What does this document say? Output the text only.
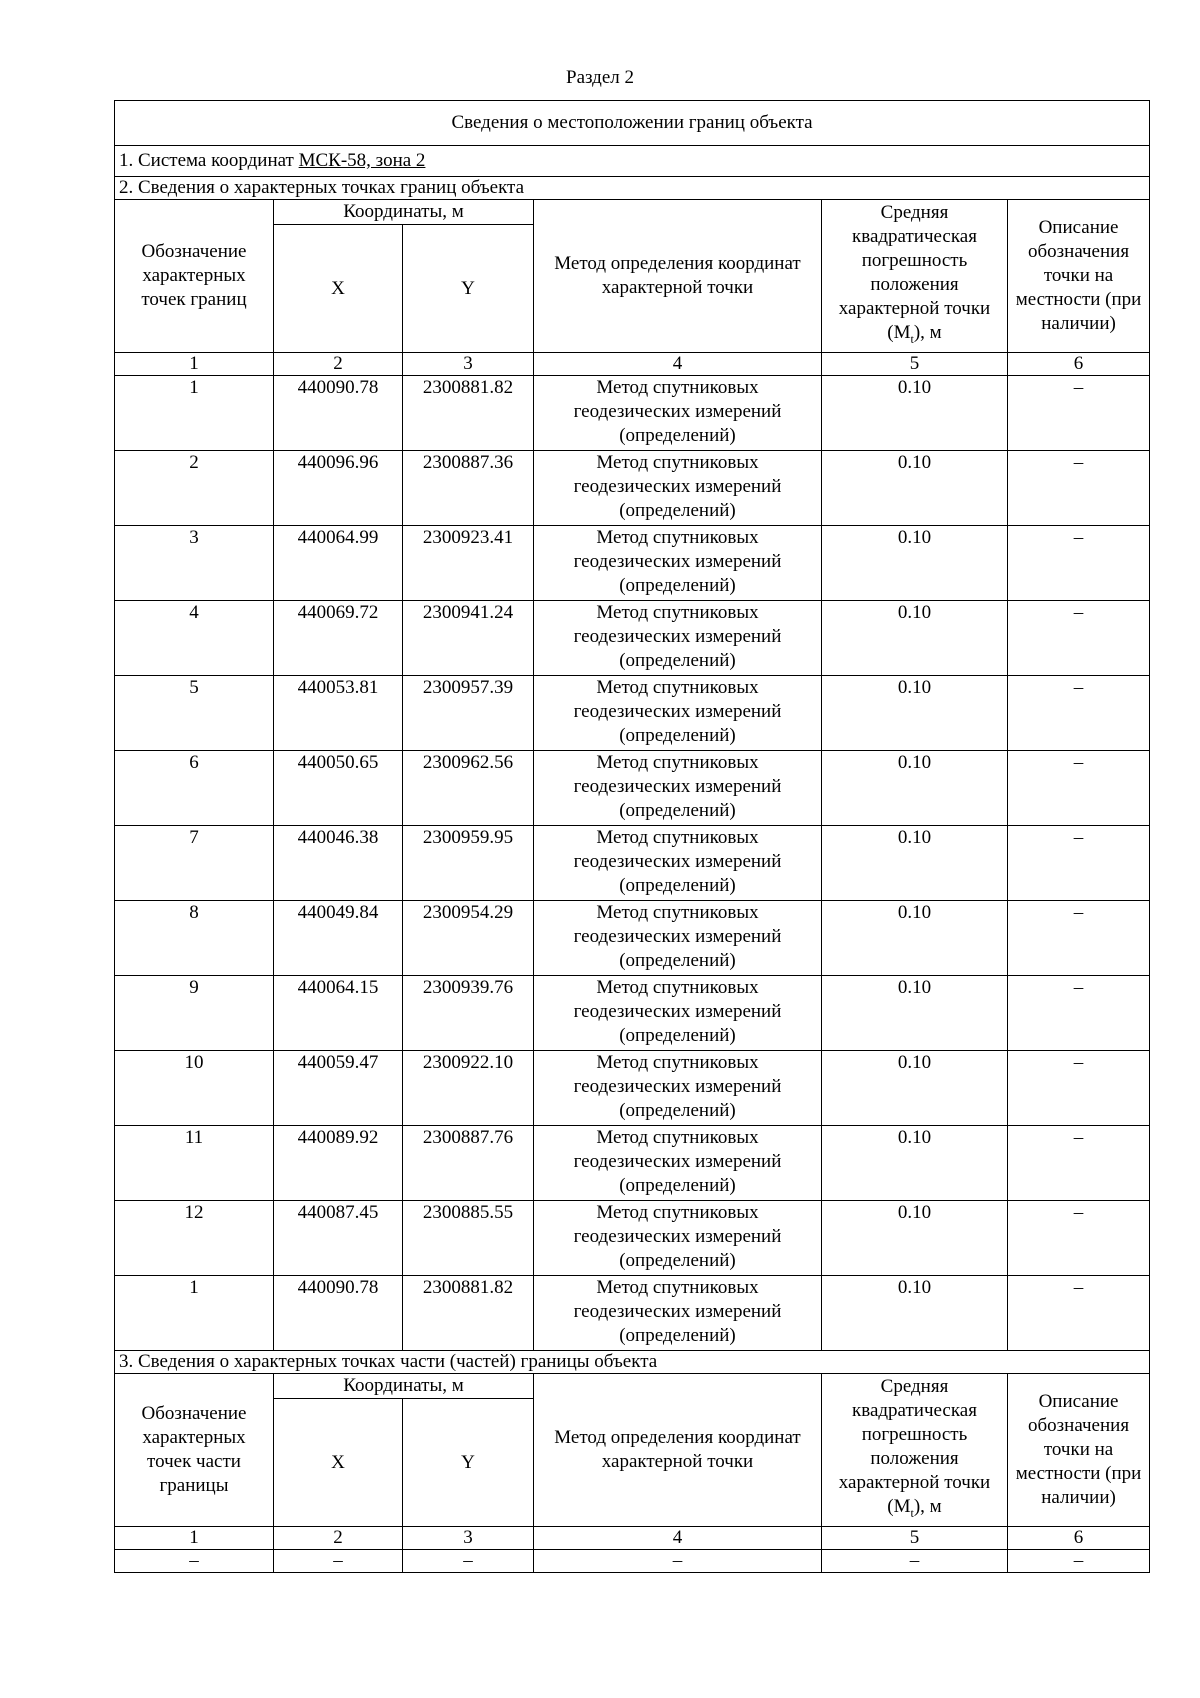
Раздел 2
Сведения о местоположении границ объекта					
1. Система координат МСК-58, зона 2					
2. Сведения о характерных точках границ объекта					
Обозначение характерных точек границ	Координаты, м		Метод определения координат характерной точки	Средняя квадратическая погрешность положения характерной точки $(M_t)$, м	Описание обозначения точки на местности (при наличии)
	X	Y			
1	2	3	4	5	6
1	440090.78	2300881.82	Метод спутниковых геодезических измерений (определений)	0.10	–
2	440096.96	2300887.36	Метод спутниковых геодезических измерений (определений)	0.10	–
3	440064.99	2300923.41	Метод спутниковых геодезических измерений (определений)	0.10	–
4	440069.72	2300941.24	Метод спутниковых геодезических измерений (определений)	0.10	–
5	440053.81	2300957.39	Метод спутниковых геодезических измерений (определений)	0.10	–
6	440050.65	2300962.56	Метод спутниковых геодезических измерений (определений)	0.10	–
7	440046.38	2300959.95	Метод спутниковых геодезических измерений (определений)	0.10	–
8	440049.84	2300954.29	Метод спутниковых геодезических измерений (определений)	0.10	–
9	440064.15	2300939.76	Метод спутниковых геодезических измерений (определений)	0.10	–
10	440059.47	2300922.10	Метод спутниковых геодезических измерений (определений)	0.10	–
11	440089.92	2300887.76	Метод спутниковых геодезических измерений (определений)	0.10	–
12	440087.45	2300885.55	Метод спутниковых геодезических измерений (определений)	0.10	–
1	440090.78	2300881.82	Метод спутниковых геодезических измерений (определений)	0.10	–
3. Сведения о характерных точках части (частей) границы объекта					
Обозначение характерных точек части границы	Координаты, м		Метод определения координат характерной точки	Средняя квадратическая погрешность положения характерной точки $(M_t)$, м	Описание обозначения точки на местности (при наличии)
	X	Y			
1	2	3	4	5	6
–	–	–	–	–	–
